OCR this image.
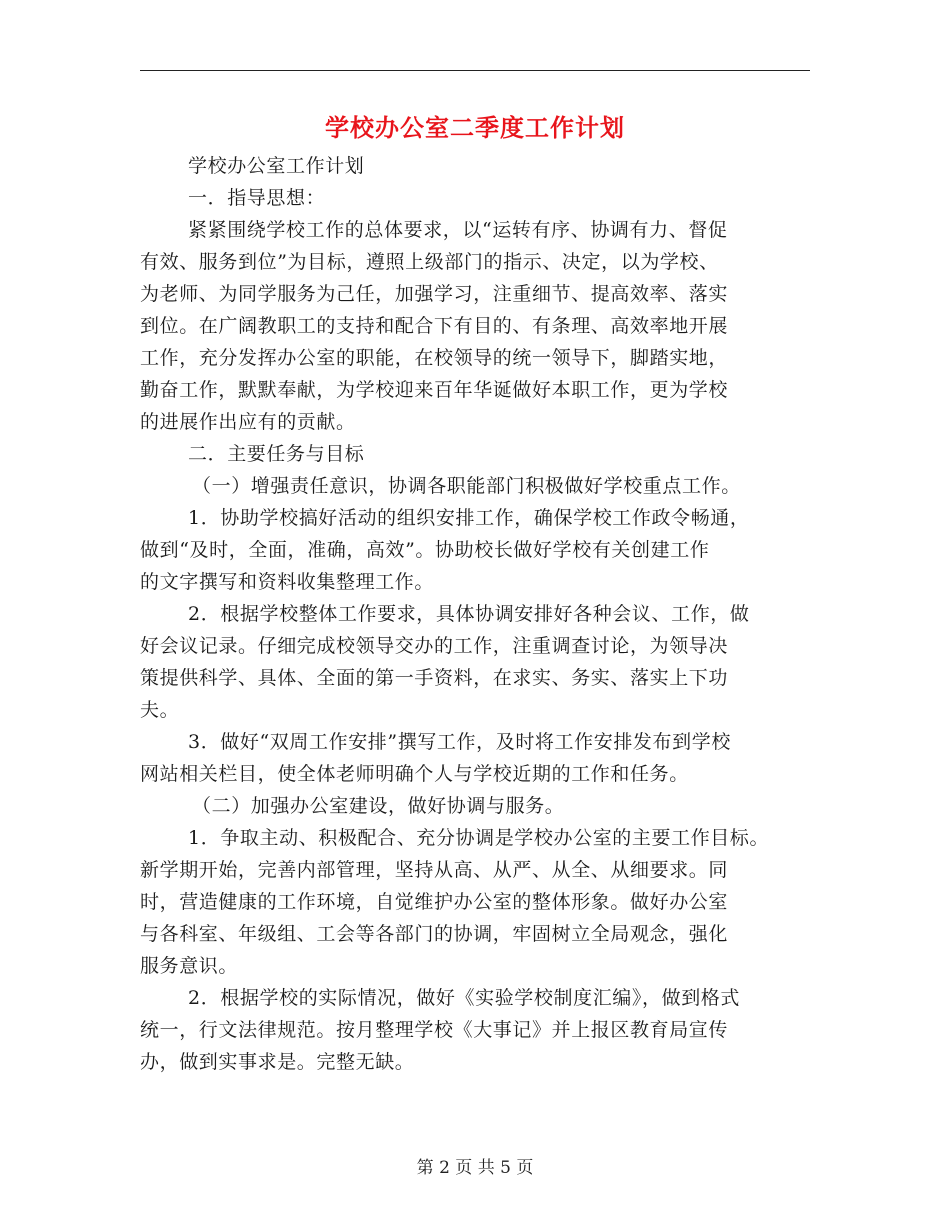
学校办公室二季度工作计划
学校办公室工作计划
一．指导思想：
紧紧围绕学校工作的总体要求，以“运转有序、协调有力、督促
有效、服务到位”为目标，遵照上级部门的指示、决定，以为学校、
为老师、为同学服务为己任，加强学习，注重细节、提高效率、落实
到位。在广阔教职工的支持和配合下有目的、有条理、高效率地开展
工作，充分发挥办公室的职能，在校领导的统一领导下，脚踏实地，
勤奋工作，默默奉献，为学校迎来百年华诞做好本职工作，更为学校
的进展作出应有的贡献。
二．主要任务与目标
（一）增强责任意识，协调各职能部门积极做好学校重点工作。
1．协助学校搞好活动的组织安排工作，确保学校工作政令畅通，
做到“及时，全面，准确，高效”。协助校长做好学校有关创建工作
的文字撰写和资料收集整理工作。
2．根据学校整体工作要求，具体协调安排好各种会议、工作，做
好会议记录。仔细完成校领导交办的工作，注重调查讨论，为领导决
策提供科学、具体、全面的第一手资料，在求实、务实、落实上下功
夫。
3．做好“双周工作安排”撰写工作，及时将工作安排发布到学校
网站相关栏目，使全体老师明确个人与学校近期的工作和任务。
（二）加强办公室建设，做好协调与服务。
1．争取主动、积极配合、充分协调是学校办公室的主要工作目标。
新学期开始，完善内部管理，坚持从高、从严、从全、从细要求。同
时，营造健康的工作环境，自觉维护办公室的整体形象。做好办公室
与各科室、年级组、工会等各部门的协调，牢固树立全局观念，强化
服务意识。
2．根据学校的实际情况，做好《实验学校制度汇编》，做到格式
统一，行文法律规范。按月整理学校《大事记》并上报区教育局宣传
办，做到实事求是。完整无缺。
第 2 页 共 5 页
